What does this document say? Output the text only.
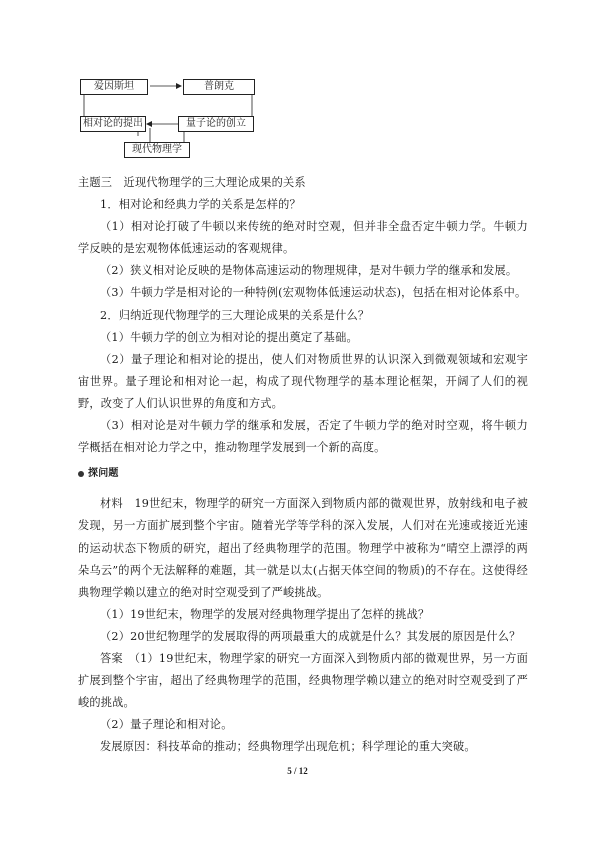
爱因斯坦	普朗克
相对论的提出	量子论的创立
现代物理学

主题三　近现代物理学的三大理论成果的关系

1．相对论和经典力学的关系是怎样的？

（1）相对论打破了牛顿以来传统的绝对时空观，但并非全盘否定牛顿力学。牛顿力学反映的是宏观物体低速运动的客观规律。

（2）狭义相对论反映的是物体高速运动的物理规律，是对牛顿力学的继承和发展。

（3）牛顿力学是相对论的一种特例(宏观物体低速运动状态)，包括在相对论体系中。

2．归纳近现代物理学的三大理论成果的关系是什么？

（1）牛顿力学的创立为相对论的提出奠定了基础。

（2）量子理论和相对论的提出，使人们对物质世界的认识深入到微观领域和宏观宇宙世界。量子理论和相对论一起，构成了现代物理学的基本理论框架，开阔了人们的视野，改变了人们认识世界的角度和方式。

（3）相对论是对牛顿力学的继承和发展，否定了牛顿力学的绝对时空观，将牛顿力学概括在相对论力学之中，推动物理学发展到一个新的高度。

探问题

材料　19世纪末，物理学的研究一方面深入到物质内部的微观世界，放射线和电子被发现，另一方面扩展到整个宇宙。随着光学等学科的深入发展，人们对在光速或接近光速的运动状态下物质的研究，超出了经典物理学的范围。物理学中被称为“晴空上漂浮的两朵乌云”的两个无法解释的难题，其一就是以太(占据天体空间的物质)的不存在。这使得经典物理学赖以建立的绝对时空观受到了严峻挑战。

（1）19世纪末，物理学的发展对经典物理学提出了怎样的挑战？

（2）20世纪物理学的发展取得的两项最重大的成就是什么？其发展的原因是什么？

答案　（1）19世纪末，物理学家的研究一方面深入到物质内部的微观世界，另一方面扩展到整个宇宙，超出了经典物理学的范围，经典物理学赖以建立的绝对时空观受到了严峻的挑战。

（2）量子理论和相对论。

发展原因：科技革命的推动；经典物理学出现危机；科学理论的重大突破。

5 / 12
